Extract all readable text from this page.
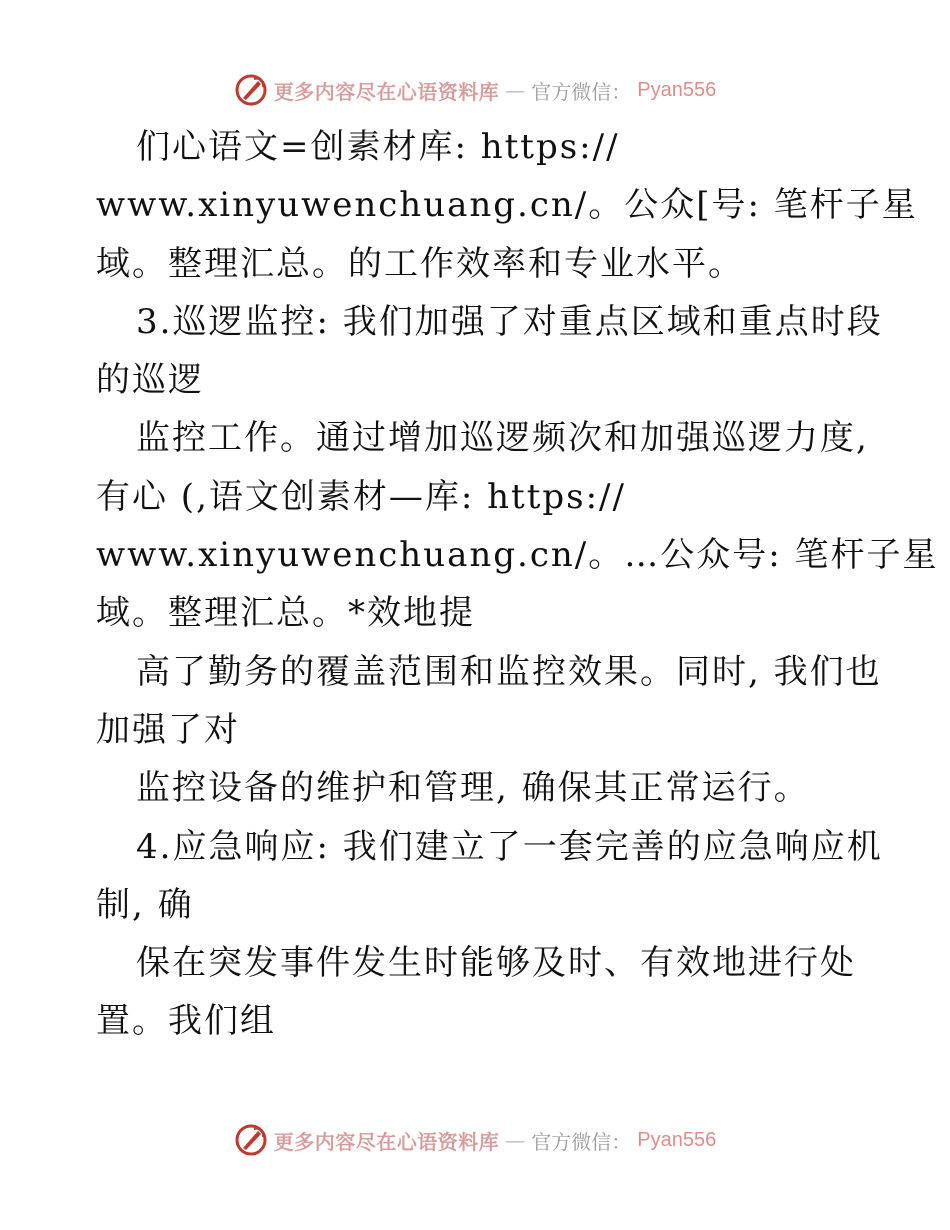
更多内容尽在心语资料库 — 官方微信： Pyan556
们心语文=创素材库: https://
www.xinyuwenchuang.cn/。公众[号: 笔杆子星
域。整理汇总。的工作效率和专业水平。
3.巡逻监控: 我们加强了对重点区域和重点时段
的巡逻
监控工作。通过增加巡逻频次和加强巡逻力度,
有心 (,语文创素材—库: https://
www.xinyuwenchuang.cn/。…公众号: 笔杆子星
域。整理汇总。*效地提
高了勤务的覆盖范围和监控效果。同时, 我们也
加强了对
监控设备的维护和管理, 确保其正常运行。
4.应急响应: 我们建立了一套完善的应急响应机
制, 确
保在突发事件发生时能够及时、有效地进行处
置。我们组
更多内容尽在心语资料库 — 官方微信： Pyan556
